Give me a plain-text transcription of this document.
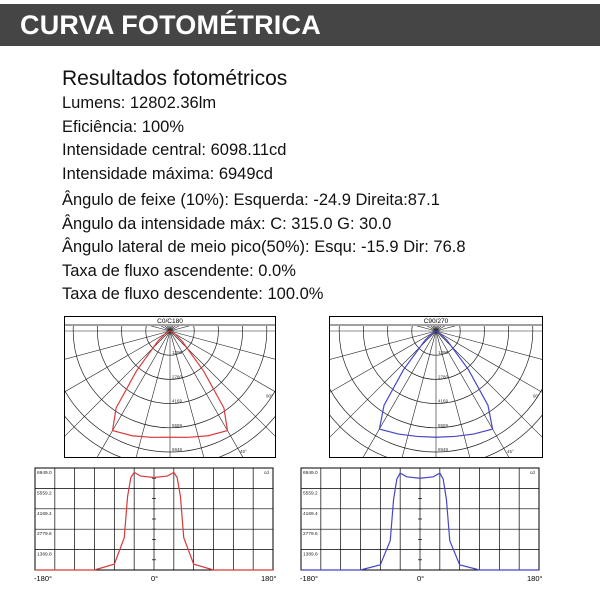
CURVA FOTOMÉTRICA
Resultados fotométricos
Lumens: 12802.36lm
Eficiência: 100%
Intensidade central: 6098.11cd
Intensidade máxima: 6949cd
Ângulo de feixe (10%): Esquerda: -24.9 Direita:87.1
Ângulo da intensidade máx: C: 315.0 G: 30.0
Ângulo lateral de meio pico(50%): Esqu: -15.9 Dir: 76.8
Taxa de fluxo ascendente: 0.0%
Taxa de fluxo descendente: 100.0%
C0/C180
1390
2780
4169
5559
6949
90°
45°
C90/270
1390
2780
4169
5559
6949
90°
45°
6949.0
5559.2
4169.4
2779.6
1389.8
cd
-180°	0°	180°
6949.0
5559.2
4169.4
2779.6
1389.8
cd
-180°	0°	180°
